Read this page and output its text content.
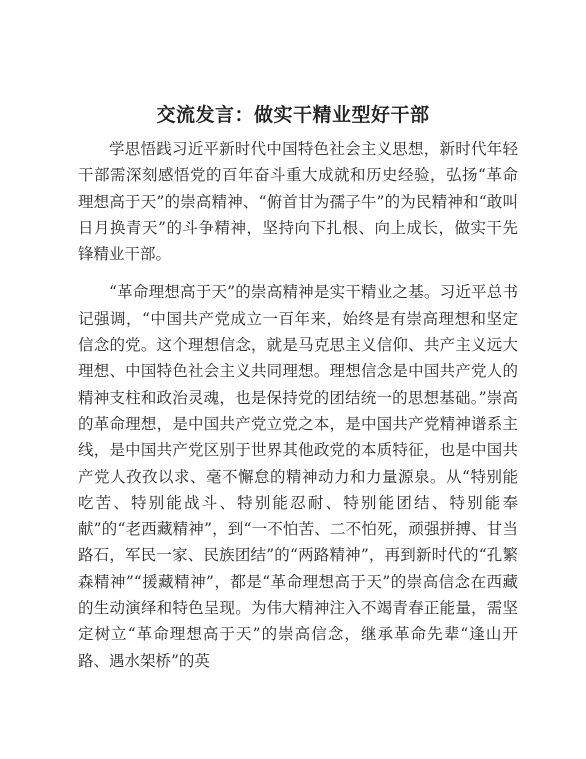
交流发言：做实干精业型好干部

学思悟践习近平新时代中国特色社会主义思想，新时代年轻干部需深刻感悟党的百年奋斗重大成就和历史经验，弘扬“革命理想高于天”的崇高精神、“俯首甘为孺子牛”的为民精神和“敢叫日月换青天”的斗争精神，坚持向下扎根、向上成长，做实干先锋精业干部。

“革命理想高于天”的崇高精神是实干精业之基。习近平总书记强调，“中国共产党成立一百年来，始终是有崇高理想和坚定信念的党。这个理想信念，就是马克思主义信仰、共产主义远大理想、中国特色社会主义共同理想。理想信念是中国共产党人的精神支柱和政治灵魂，也是保持党的团结统一的思想基础。”崇高的革命理想，是中国共产党立党之本，是中国共产党精神谱系主线，是中国共产党区别于世界其他政党的本质特征，也是中国共产党人孜孜以求、毫不懈怠的精神动力和力量源泉。从“特别能吃苦、特别能战斗、特别能忍耐、特别能团结、特别能奉献”的“老西藏精神”，到“一不怕苦、二不怕死，顽强拼搏、甘当路石，军民一家、民族团结”的“两路精神”，再到新时代的“孔繁森精神”“援藏精神”，都是“革命理想高于天”的崇高信念在西藏的生动演绎和特色呈现。为伟大精神注入不竭青春正能量，需坚定树立“革命理想高于天”的崇高信念，继承革命先辈“逢山开路、遇水架桥”的英
